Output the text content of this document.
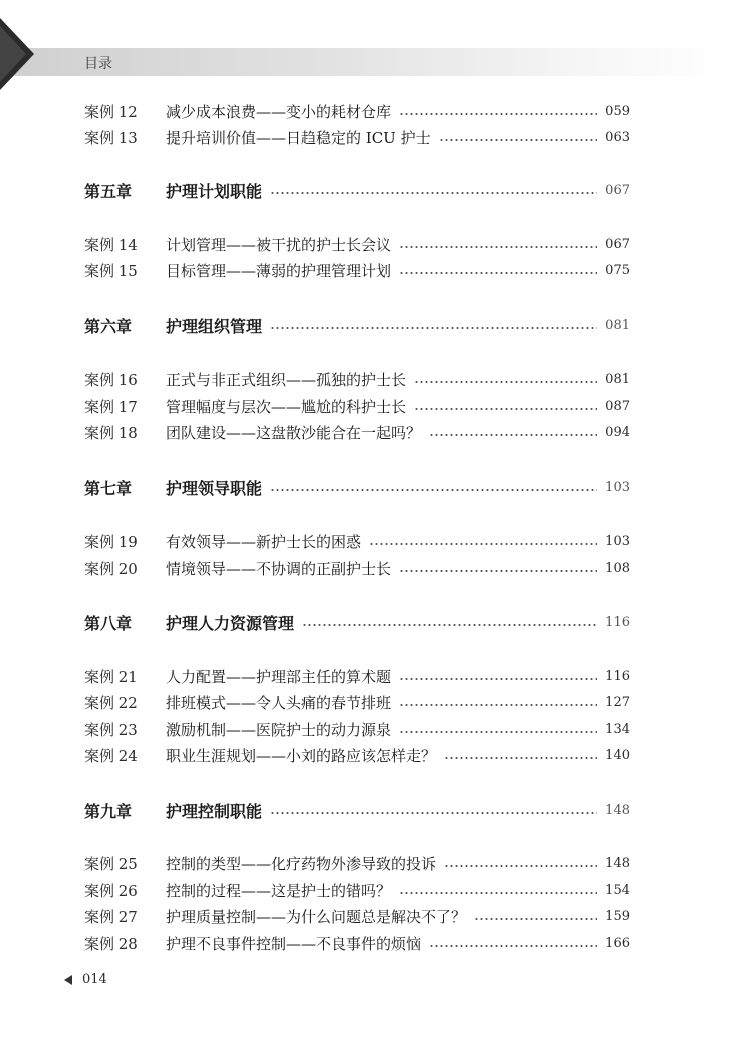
目录
案例 12	减少成本浪费——变小的耗材仓库	059
案例 13	提升培训价值——日趋稳定的 ICU 护士	063
第五章	护理计划职能	067
案例 14	计划管理——被干扰的护士长会议	067
案例 15	目标管理——薄弱的护理管理计划	075
第六章	护理组织管理	081
案例 16	正式与非正式组织——孤独的护士长	081
案例 17	管理幅度与层次——尴尬的科护士长	087
案例 18	团队建设——这盘散沙能合在一起吗？	094
第七章	护理领导职能	103
案例 19	有效领导——新护士长的困惑	103
案例 20	情境领导——不协调的正副护士长	108
第八章	护理人力资源管理	116
案例 21	人力配置——护理部主任的算术题	116
案例 22	排班模式——令人头痛的春节排班	127
案例 23	激励机制——医院护士的动力源泉	134
案例 24	职业生涯规划——小刘的路应该怎样走？	140
第九章	护理控制职能	148
案例 25	控制的类型——化疗药物外渗导致的投诉	148
案例 26	控制的过程——这是护士的错吗？	154
案例 27	护理质量控制——为什么问题总是解决不了？	159
案例 28	护理不良事件控制——不良事件的烦恼	166
014
